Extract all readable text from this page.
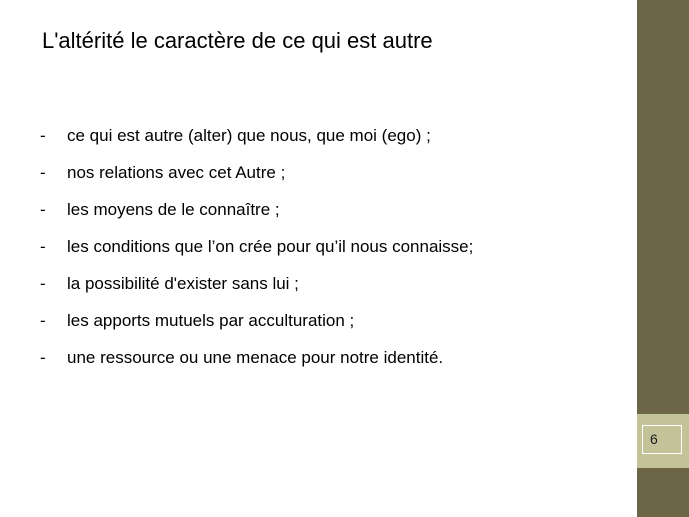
L'altérité le caractère de ce qui est autre
-	ce qui est autre (alter) que nous, que moi (ego) ;
-	nos relations avec cet Autre ;
-	les moyens de le connaître ;
-	les conditions que l’on crée pour qu’il nous connaisse;
-	la possibilité d'exister sans lui ;
-	les apports mutuels par acculturation ;
-	une ressource ou une menace pour notre identité.
6
